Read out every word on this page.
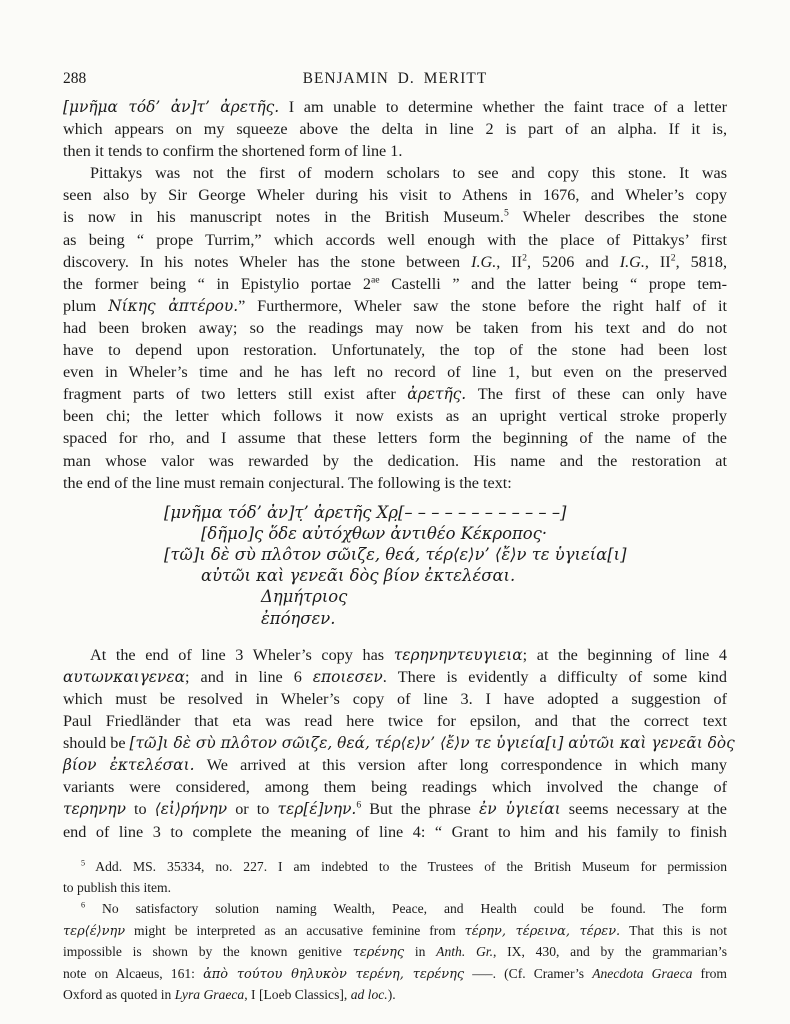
288	BENJAMIN D. MERITT
[μνῆμα τόδ’ ἀν]τ’ ἀρετῆς. I am unable to determine whether the faint trace of a letter
which appears on my squeeze above the delta in line 2 is part of an alpha. If it is,
then it tends to confirm the shortened form of line 1.
Pittakys was not the first of modern scholars to see and copy this stone. It was
seen also by Sir George Wheler during his visit to Athens in 1676, and Wheler’s copy
is now in his manuscript notes in the British Museum.$^5$ Wheler describes the stone
as being “ prope Turrim,” which accords well enough with the place of Pittakys’ first
discovery. In his notes Wheler has the stone between I.G., $II^2$, 5206 and I.G., $II^2$, 5818,
the former being “ in Epistylio portae $2^{ae}$ Castelli ” and the latter being “ prope tem-
plum Νίκης ἀπτέρου.” Furthermore, Wheler saw the stone before the right half of it
had been broken away; so the readings may now be taken from his text and do not
have to depend upon restoration. Unfortunately, the top of the stone had been lost
even in Wheler’s time and he has left no record of line 1, but even on the preserved
fragment parts of two letters still exist after ἀρετῆς. The first of these can only have
been chi; the letter which follows it now exists as an upright vertical stroke properly
spaced for rho, and I assume that these letters form the beginning of the name of the
man whose valor was rewarded by the dedication. His name and the restoration at
the end of the line must remain conjectural. The following is the text:
[μνῆμα τόδ’ ἀν]τ̣’ ἀρετῆς Χρ̣[– – – – – – – – – – – –]
[δῆμο]ς ὅδε αὐτόχθων ἀντιθέο Κέκροπος·
[τῶ]ι δὲ σὺ πλο̂τον σῶιζε, θεά, τέρ⟨ε⟩ν’ ⟨ἔ⟩ν τε ὑγιεία[ι]
αὐτῶι καὶ γενεᾶι δὸς βίον ἐκτελέσαι.
Δημήτριος
ἐπόησεν.
At the end of line 3 Wheler’s copy has τερηνηντευγιεια; at the beginning of line 4
αυτωνκαιγενεα; and in line 6 εποιεσεν. There is evidently a difficulty of some kind
which must be resolved in Wheler’s copy of line 3. I have adopted a suggestion of
Paul Friedländer that eta was read here twice for epsilon, and that the correct text
should be [τῶ]ι δὲ σὺ πλο̂τον σῶιζε, θεά, τέρ⟨ε⟩ν’ ⟨ἔ⟩ν τε ὑγιεία[ι] αὐτῶι καὶ γενεᾶι δὸς
βίον ἐκτελέσαι. We arrived at this version after long correspondence in which many
variants were considered, among them being readings which involved the change of
τερηνην to ⟨εἰ⟩ρήνην or to τερ[έ]νην.$^6$ But the phrase ἐν ὑγιείαι seems necessary at the
end of line 3 to complete the meaning of line 4: “ Grant to him and his family to finish
$^5$ Add. MS. 35334, no. 227. I am indebted to the Trustees of the British Museum for permission
to publish this item.
$^6$ No satisfactory solution naming Wealth, Peace, and Health could be found. The form
τερ⟨έ⟩νην might be interpreted as an accusative feminine from τέρην, τέρεινα, τέρεν. That this is not
impossible is shown by the known genitive τερένης in Anth. Gr., IX, 430, and by the grammarian’s
note on Alcaeus, 161: ἀπὸ τούτου θηλυκὸν τερένη, τερένης –––. (Cf. Cramer’s Anecdota Graeca from
Oxford as quoted in Lyra Graeca, I [Loeb Classics], ad loc.).
